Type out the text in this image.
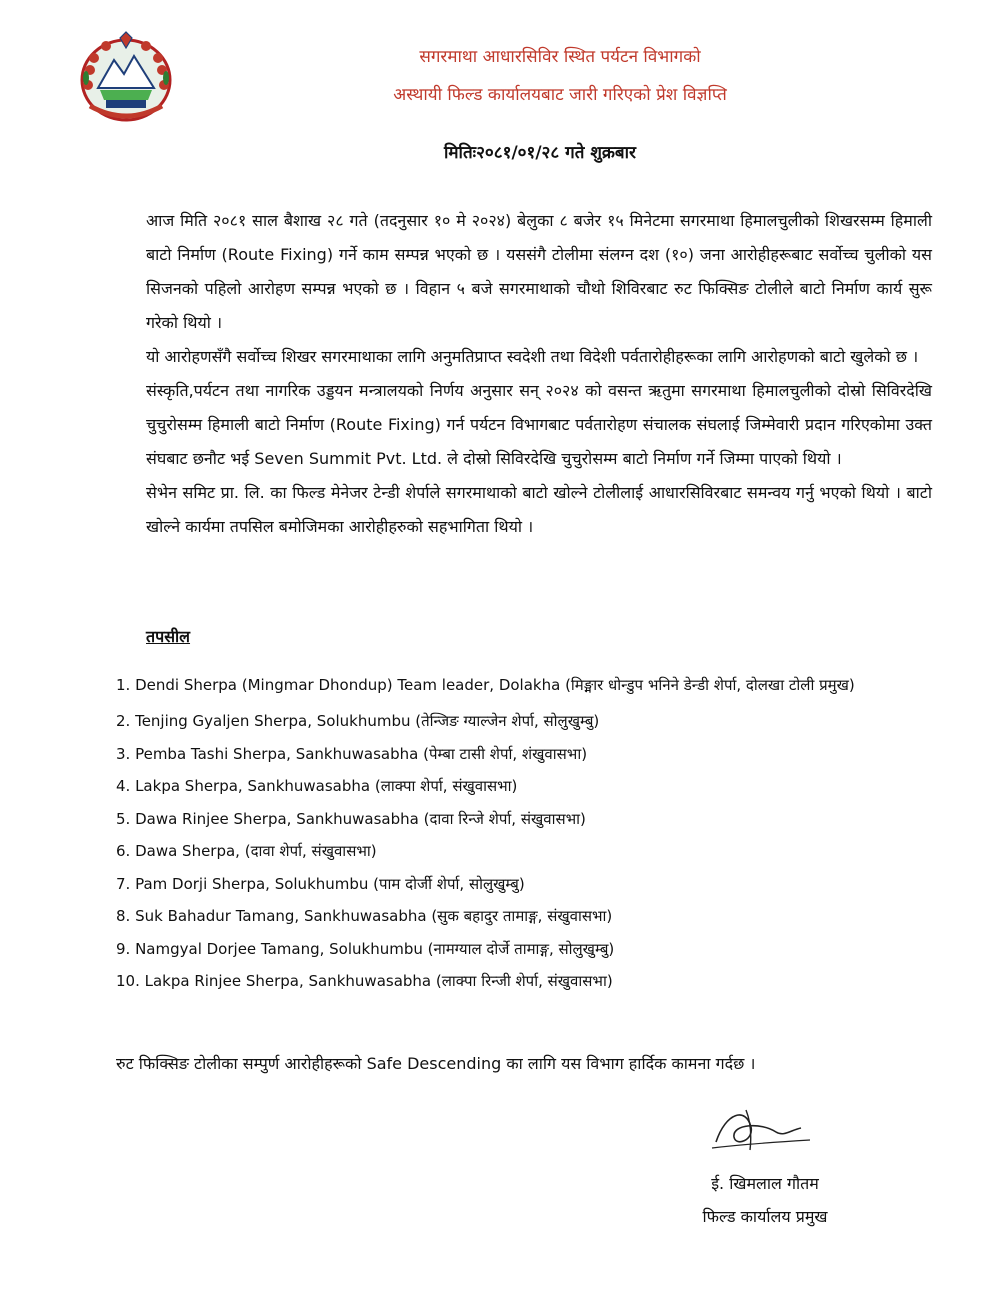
सगरमाथा आधारसिविर स्थित पर्यटन विभागको
अस्थायी फिल्ड कार्यालयबाट जारी गरिएको प्रेश विज्ञप्ति
मितिः२०८१/०१/२८ गते शुक्रबार

आज मिति २०८१ साल बैशाख २८ गते (तदनुसार १० मे २०२४) बेलुका ८ बजेर १५ मिनेटमा सगरमाथा हिमालचुलीको शिखरसम्म हिमाली बाटो निर्माण (Route Fixing) गर्ने काम सम्पन्न भएको छ । यससंगै टोलीमा संलग्न दश (१०) जना आरोहीहरूबाट सर्वोच्च चुलीको यस सिजनको पहिलो आरोहण सम्पन्न भएको छ । विहान ५ बजे सगरमाथाको चौथो शिविरबाट रुट फिक्सिङ टोलीले बाटो निर्माण कार्य सुरू गरेको थियो ।

यो आरोहणसँगै सर्वोच्च शिखर सगरमाथाका लागि अनुमतिप्राप्त स्वदेशी तथा विदेशी पर्वतारोहीहरूका लागि आरोहणको बाटो खुलेको छ ।

संस्कृति,पर्यटन तथा नागरिक उड्डयन मन्त्रालयको निर्णय अनुसार सन् २०२४ को वसन्त ऋतुमा सगरमाथा हिमालचुलीको दोस्रो सिविरदेखि चुचुरोसम्म हिमाली बाटो निर्माण (Route Fixing) गर्न पर्यटन विभागबाट पर्वतारोहण संचालक संघलाई जिम्मेवारी प्रदान गरिएकोमा उक्त संघबाट छनौट भई Seven Summit Pvt. Ltd. ले दोस्रो सिविरदेखि चुचुरोसम्म बाटो निर्माण गर्ने जिम्मा पाएको थियो ।

सेभेन समिट प्रा. लि. का फिल्ड मेनेजर टेन्डी शेर्पाले सगरमाथाको बाटो खोल्ने टोलीलाई आधारसिविरबाट समन्वय गर्नु भएको थियो । बाटो खोल्ने कार्यमा तपसिल बमोजिमका आरोहीहरुको सहभागिता थियो ।

तपसील
1. Dendi Sherpa (Mingmar Dhondup) Team leader, Dolakha (मिङ्मार धोन्डुप भनिने डेन्डी शेर्पा, दोलखा टोली प्रमुख)
2. Tenjing Gyaljen Sherpa, Solukhumbu (तेन्जिङ ग्याल्जेन शेर्पा, सोलुखुम्बु)
3. Pemba Tashi Sherpa, Sankhuwasabha (पेम्बा टासी शेर्पा, शंखुवासभा)
4. Lakpa Sherpa, Sankhuwasabha (लाक्पा शेर्पा, संखुवासभा)
5. Dawa Rinjee Sherpa, Sankhuwasabha (दावा रिन्जे शेर्पा, संखुवासभा)
6. Dawa Sherpa, (दावा शेर्पा, संखुवासभा)
7. Pam Dorji Sherpa, Solukhumbu (पाम दोर्जी शेर्पा, सोलुखुम्बु)
8. Suk Bahadur Tamang, Sankhuwasabha (सुक बहादुर तामाङ्ग, संखुवासभा)
9. Namgyal Dorjee Tamang, Solukhumbu (नामग्याल दोर्जे तामाङ्ग, सोलुखुम्बु)
10. Lakpa Rinjee Sherpa, Sankhuwasabha (लाक्पा रिन्जी शेर्पा, संखुवासभा)
रुट फिक्सिङ टोलीका सम्पुर्ण आरोहीहरूको Safe Descending का लागि यस विभाग हार्दिक कामना गर्दछ ।
ई. खिमलाल गौतम
फिल्ड कार्यालय प्रमुख
